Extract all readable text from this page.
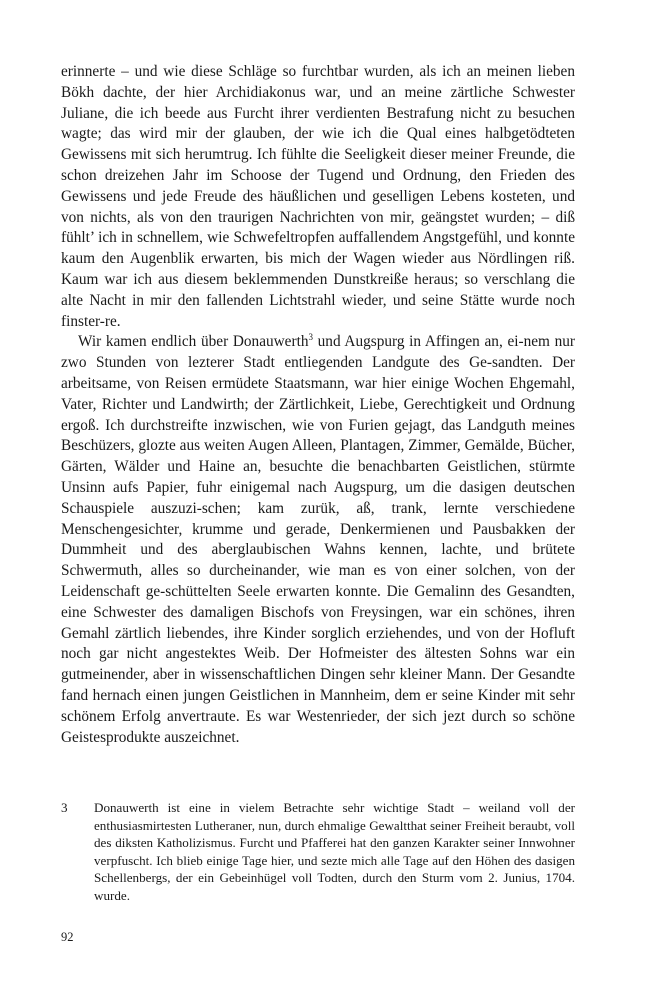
erinnerte – und wie diese Schläge so furchtbar wurden, als ich an meinen lieben Bökh dachte, der hier Archidiakonus war, und an meine zärtliche Schwester Juliane, die ich beede aus Furcht ihrer verdienten Bestrafung nicht zu besuchen wagte; das wird mir der glauben, der wie ich die Qual eines halbgetödteten Gewissens mit sich herumtrug. Ich fühlte die Seeligkeit dieser meiner Freunde, die schon dreizehen Jahr im Schoose der Tugend und Ordnung, den Frieden des Gewissens und jede Freude des häußlichen und geselligen Lebens kosteten, und von nichts, als von den traurigen Nachrichten von mir, geängstet wurden; – diß fühlt’ ich in schnellem, wie Schwefeltropfen auffallendem Angstgefühl, und konnte kaum den Augenblik erwarten, bis mich der Wagen wieder aus Nördlingen riß. Kaum war ich aus diesem beklemmenden Dunstkreiße heraus; so verschlang die alte Nacht in mir den fallenden Lichtstrahl wieder, und seine Stätte wurde noch finster-re.

Wir kamen endlich über Donauwerth$^3$ und Augspurg in Affingen an, ei-nem nur zwo Stunden von lezterer Stadt entliegenden Landgute des Ge-sandten. Der arbeitsame, von Reisen ermüdete Staatsmann, war hier einige Wochen Ehgemahl, Vater, Richter und Landwirth; der Zärtlichkeit, Liebe, Gerechtigkeit und Ordnung ergoß. Ich durchstreifte inzwischen, wie von Furien gejagt, das Landguth meines Beschüzers, glozte aus weiten Augen Alleen, Plantagen, Zimmer, Gemälde, Bücher, Gärten, Wälder und Haine an, besuchte die benachbarten Geistlichen, stürmte Unsinn aufs Papier, fuhr einigemal nach Augspurg, um die dasigen deutschen Schauspiele auszuzi-schen; kam zurük, aß, trank, lernte verschiedene Menschengesichter, krumme und gerade, Denkermienen und Pausbakken der Dummheit und des aberglaubischen Wahns kennen, lachte, und brütete Schwermuth, alles so durcheinander, wie man es von einer solchen, von der Leidenschaft ge-schüttelten Seele erwarten konnte. Die Gemalinn des Gesandten, eine Schwester des damaligen Bischofs von Freysingen, war ein schönes, ihren Gemahl zärtlich liebendes, ihre Kinder sorglich erziehendes, und von der Hofluft noch gar nicht angestektes Weib. Der Hofmeister des ältesten Sohns war ein gutmeinender, aber in wissenschaftlichen Dingen sehr kleiner Mann. Der Gesandte fand hernach einen jungen Geistlichen in Mannheim, dem er seine Kinder mit sehr schönem Erfolg anvertraute. Es war Westenrieder, der sich jezt durch so schöne Geistesprodukte auszeichnet.

3	Donauwerth ist eine in vielem Betrachte sehr wichtige Stadt – weiland voll der enthusiasmirtesten Lutheraner, nun, durch ehmalige Gewaltthat seiner Freiheit beraubt, voll des diksten Katholizismus. Furcht und Pfafferei hat den ganzen Karakter seiner Innwohner verpfuscht. Ich blieb einige Tage hier, und sezte mich alle Tage auf den Höhen des dasigen Schellenbergs, der ein Gebeinhügel voll Todten, durch den Sturm vom 2. Junius, 1704. wurde.
92
